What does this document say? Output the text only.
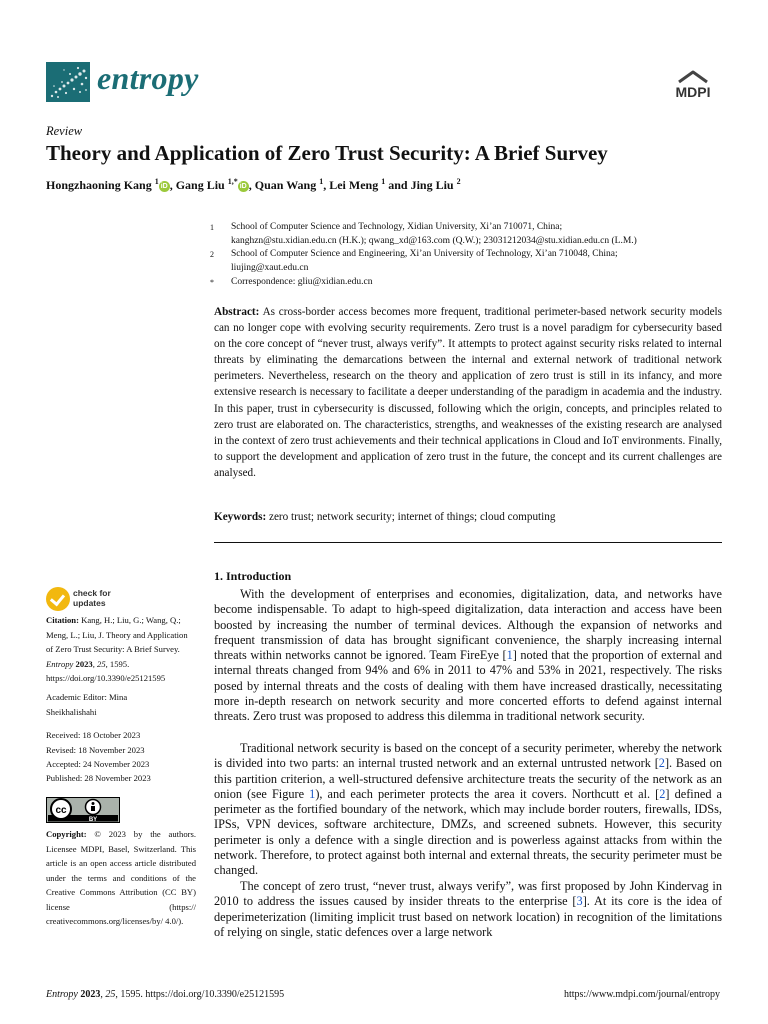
entropy	MDPI
Review
Theory and Application of Zero Trust Security: A Brief Survey
Hongzhaoning Kang $^1$iD , Gang Liu $^{1,*}$iD , Quan Wang $^1$, Lei Meng $^1$ and Jing Liu $^2$
1 School of Computer Science and Technology, Xidian University, Xi’an 710071, China;
kanghzn@stu.xidian.edu.cn (H.K.); qwang_xd@163.com (Q.W.); 23031212034@stu.xidian.edu.cn (L.M.)
2 School of Computer Science and Engineering, Xi’an University of Technology, Xi’an 710048, China;
liujing@xaut.edu.cn
* Correspondence: gliu@xidian.edu.cn
Abstract: As cross-border access becomes more frequent, traditional perimeter-based network security models can no longer cope with evolving security requirements. Zero trust is a novel paradigm for cybersecurity based on the core concept of “never trust, always verify”. It attempts to protect against security risks related to internal threats by eliminating the demarcations between the internal and external network of traditional network perimeters. Nevertheless, research on the theory and application of zero trust is still in its infancy, and more extensive research is necessary to facilitate a deeper understanding of the paradigm in academia and the industry. In this paper, trust in cybersecurity is discussed, following which the origin, concepts, and principles related to zero trust are elaborated on. The characteristics, strengths, and weaknesses of the existing research are analysed in the context of zero trust achievements and their technical applications in Cloud and IoT environments. Finally, to support the development and application of zero trust in the future, the concept and its current challenges are analysed.
Keywords: zero trust; network security; internet of things; cloud computing
1. Introduction
With the development of enterprises and economies, digitalization, data, and networks have become indispensable. To adapt to high-speed digitalization, data interaction and access have been boosted by increasing the number of terminal devices. Although the expansion of networks and frequent transmission of data has brought significant convenience, the sharply increasing internal threats within networks cannot be ignored. Team FireEye [1] noted that the proportion of external and internal threats changed from 94% and 6% in 2011 to 47% and 53% in 2021, respectively. The risks posed by internal threats and the costs of dealing with them have increased drastically, necessitating more in-depth research on network security and more concerted efforts to defend against internal threats. Zero trust was proposed to address this dilemma in traditional network security.
Traditional network security is based on the concept of a security perimeter, whereby the network is divided into two parts: an internal trusted network and an external untrusted network [2]. Based on this partition criterion, a well-structured defensive architecture treats the security of the network as an onion (see Figure 1), and each perimeter protects the area it covers. Northcutt et al. [2] defined a perimeter as the fortified boundary of the network, which may include border routers, firewalls, IDSs, IPSs, VPN devices, software architecture, DMZs, and screened subnets. However, this security perimeter is only a defence with a single direction and is powerless against attacks from within the network. Therefore, to protect against both internal and external threats, the security perimeter must be changed.
The concept of zero trust, “never trust, always verify”, was first proposed by John Kindervag in 2010 to address the issues caused by insider threats to the enterprise [3]. At its core is the idea of deperimeterization (limiting implicit trust based on network location) in recognition of the limitations of relying on single, static defences over a large network
check for
updates
Citation: Kang, H.; Liu, G.; Wang, Q.; Meng, L.; Liu, J. Theory and Application of Zero Trust Security: A Brief Survey. Entropy 2023, 25, 1595. https://doi.org/10.3390/e25121595
Academic Editor: Mina Sheikhalishahi
Received: 18 October 2023
Revised: 18 November 2023
Accepted: 24 November 2023
Published: 28 November 2023
cc
BY
Copyright: © 2023 by the authors. Licensee MDPI, Basel, Switzerland. This article is an open access article distributed under the terms and conditions of the Creative Commons Attribution (CC BY) license (https:// creativecommons.org/licenses/by/ 4.0/).
Entropy 2023, 25, 1595. https://doi.org/10.3390/e25121595	https://www.mdpi.com/journal/entropy
